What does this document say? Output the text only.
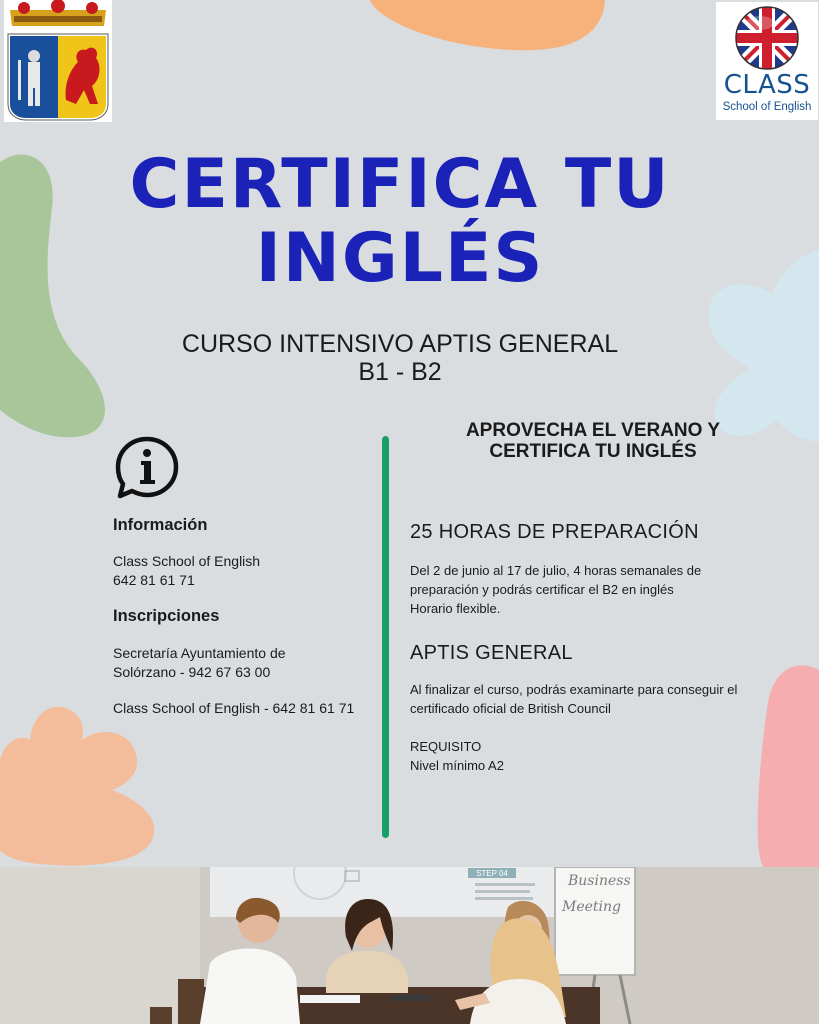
CLASS
School of English
CERTIFICA TU
INGLÉS
CURSO INTENSIVO APTIS GENERAL
B1 - B2
Información
Class School of English
642 81 61 71
Inscripciones
Secretaría Ayuntamiento de
Solórzano - 942 67 63 00
Class School of English - 642 81 61 71
APROVECHA EL VERANO Y
CERTIFICA TU INGLÉS
25 HORAS DE PREPARACIÓN
Del 2 de junio al 17 de julio, 4 horas semanales de
preparación y podrás certificar el B2 en inglés
Horario flexible.
APTIS GENERAL
Al finalizar el curso, podrás examinarte para conseguir el
certificado oficial de British Council
REQUISITO
Nivel mínimo A2
STEP 04	Business
Meeting
